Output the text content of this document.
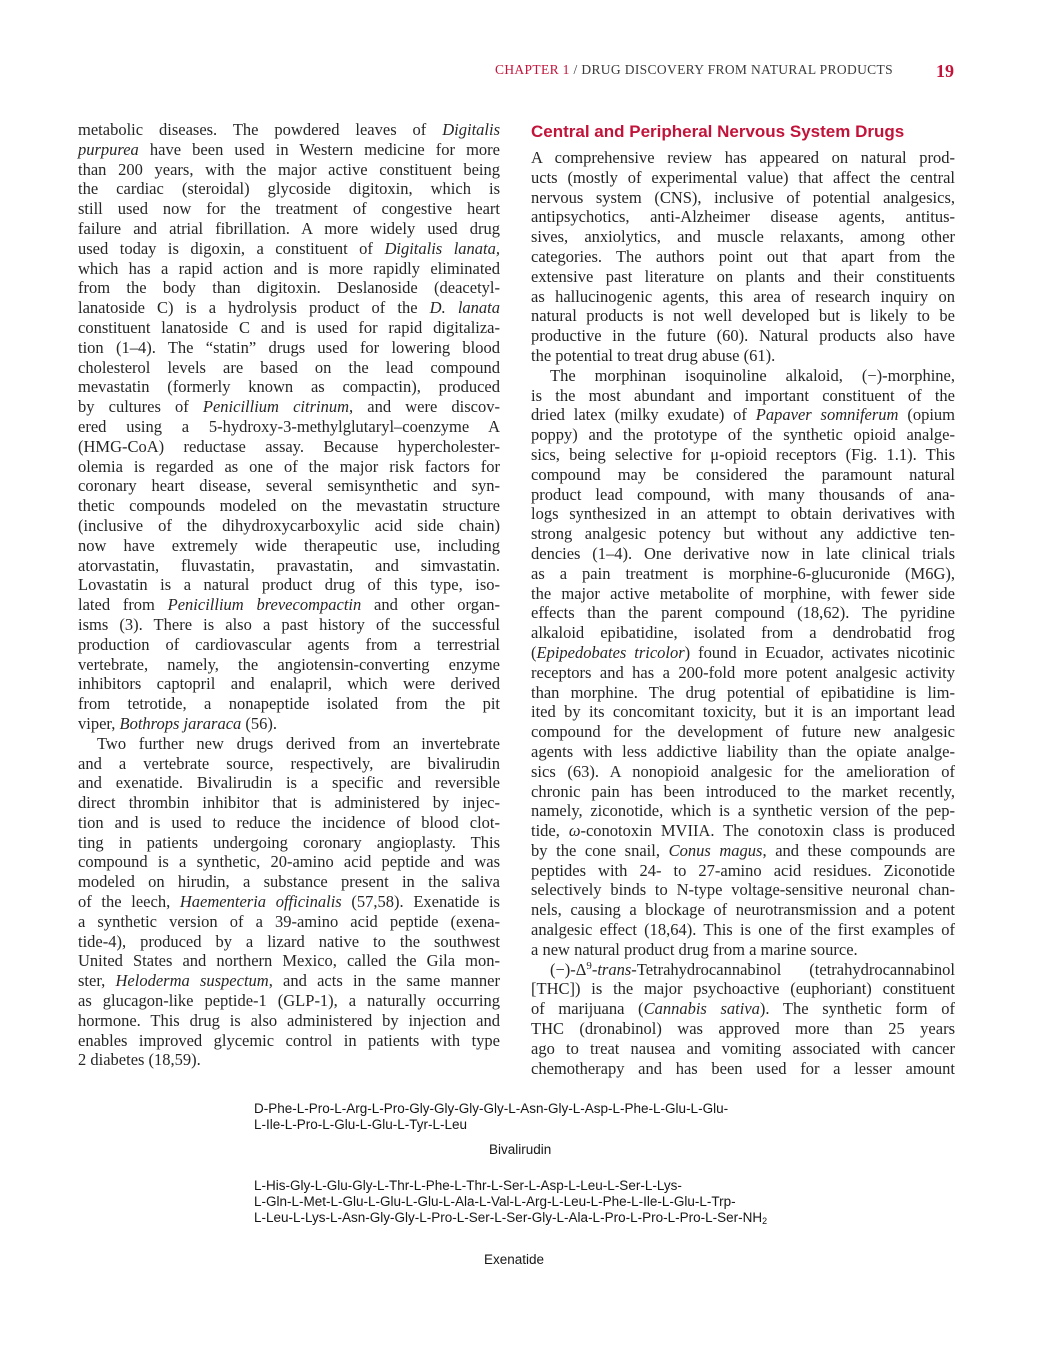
CHAPTER 1 / DRUG DISCOVERY FROM NATURAL PRODUCTS 19
metabolic diseases. The powdered leaves of Digitalis
purpurea have been used in Western medicine for more
than 200 years, with the major active constituent being
the cardiac (steroidal) glycoside digitoxin, which is
still used now for the treatment of congestive heart
failure and atrial fibrillation. A more widely used drug
used today is digoxin, a constituent of Digitalis lanata,
which has a rapid action and is more rapidly eliminated
from the body than digitoxin. Deslanoside (deacetyl-
lanatoside C) is a hydrolysis product of the D. lanata
constituent lanatoside C and is used for rapid digitaliza-
tion (1–4). The “statin” drugs used for lowering blood
cholesterol levels are based on the lead compound
mevastatin (formerly known as compactin), produced
by cultures of Penicillium citrinum, and were discov-
ered using a 5-hydroxy-3-methylglutaryl–coenzyme A
(HMG-CoA) reductase assay. Because hypercholester-
olemia is regarded as one of the major risk factors for
coronary heart disease, several semisynthetic and syn-
thetic compounds modeled on the mevastatin structure
(inclusive of the dihydroxycarboxylic acid side chain)
now have extremely wide therapeutic use, including
atorvastatin, fluvastatin, pravastatin, and simvastatin.
Lovastatin is a natural product drug of this type, iso-
lated from Penicillium brevecompactin and other organ-
isms (3). There is also a past history of the successful
production of cardiovascular agents from a terrestrial
vertebrate, namely, the angiotensin-converting enzyme
inhibitors captopril and enalapril, which were derived
from tetrotide, a nonapeptide isolated from the pit
viper, Bothrops jararaca (56).
Two further new drugs derived from an invertebrate
and a vertebrate source, respectively, are bivalirudin
and exenatide. Bivalirudin is a specific and reversible
direct thrombin inhibitor that is administered by injec-
tion and is used to reduce the incidence of blood clot-
ting in patients undergoing coronary angioplasty. This
compound is a synthetic, 20-amino acid peptide and was
modeled on hirudin, a substance present in the saliva
of the leech, Haementeria officinalis (57,58). Exenatide is
a synthetic version of a 39-amino acid peptide (exena-
tide-4), produced by a lizard native to the southwest
United States and northern Mexico, called the Gila mon-
ster, Heloderma suspectum, and acts in the same manner
as glucagon-like peptide-1 (GLP-1), a naturally occurring
hormone. This drug is also administered by injection and
enables improved glycemic control in patients with type
2 diabetes (18,59).
Central and Peripheral Nervous System Drugs
A comprehensive review has appeared on natural prod-
ucts (mostly of experimental value) that affect the central
nervous system (CNS), inclusive of potential analgesics,
antipsychotics, anti-Alzheimer disease agents, antitus-
sives, anxiolytics, and muscle relaxants, among other
categories. The authors point out that apart from the
extensive past literature on plants and their constituents
as hallucinogenic agents, this area of research inquiry on
natural products is not well developed but is likely to be
productive in the future (60). Natural products also have
the potential to treat drug abuse (61).
The morphinan isoquinoline alkaloid, (−)-morphine,
is the most abundant and important constituent of the
dried latex (milky exudate) of Papaver somniferum (opium
poppy) and the prototype of the synthetic opioid analge-
sics, being selective for μ-opioid receptors (Fig. 1.1). This
compound may be considered the paramount natural
product lead compound, with many thousands of ana-
logs synthesized in an attempt to obtain derivatives with
strong analgesic potency but without any addictive ten-
dencies (1–4). One derivative now in late clinical trials
as a pain treatment is morphine-6-glucuronide (M6G),
the major active metabolite of morphine, with fewer side
effects than the parent compound (18,62). The pyridine
alkaloid epibatidine, isolated from a dendrobatid frog
(Epipedobates tricolor) found in Ecuador, activates nicotinic
receptors and has a 200-fold more potent analgesic activity
than morphine. The drug potential of epibatidine is lim-
ited by its concomitant toxicity, but it is an important lead
compound for the development of future new analgesic
agents with less addictive liability than the opiate analge-
sics (63). A nonopioid analgesic for the amelioration of
chronic pain has been introduced to the market recently,
namely, ziconotide, which is a synthetic version of the pep-
tide, ω-conotoxin MVIIA. The conotoxin class is produced
by the cone snail, Conus magus, and these compounds are
peptides with 24- to 27-amino acid residues. Ziconotide
selectively binds to N-type voltage-sensitive neuronal chan-
nels, causing a blockage of neurotransmission and a potent
analgesic effect (18,64). This is one of the first examples of
a new natural product drug from a marine source.
$(-)-\Delta^9-trans$-Tetrahydrocannabinol (tetrahydrocannabinol
[THC]) is the major psychoactive (euphoriant) constituent
of marijuana (Cannabis sativa). The synthetic form of
THC (dronabinol) was approved more than 25 years
ago to treat nausea and vomiting associated with cancer
chemotherapy and has been used for a lesser amount
D-Phe-L-Pro-L-Arg-L-Pro-Gly-Gly-Gly-Gly-L-Asn-Gly-L-Asp-L-Phe-L-Glu-L-Glu-
L-Ile-L-Pro-L-Glu-L-Glu-L-Tyr-L-Leu
Bivalirudin
L-His-Gly-L-Glu-Gly-L-Thr-L-Phe-L-Thr-L-Ser-L-Asp-L-Leu-L-Ser-L-Lys-
L-Gln-L-Met-L-Glu-L-Glu-L-Glu-L-Ala-L-Val-L-Arg-L-Leu-L-Phe-L-Ile-L-Glu-L-Trp-
$L-Leu-L-Lys-L-Asn-Gly-Gly-L-Pro-L-Ser-L-Ser-Gly-L-Ala-L-Pro-L-Pro-L-Pro-L-Ser-NH_2$
Exenatide
